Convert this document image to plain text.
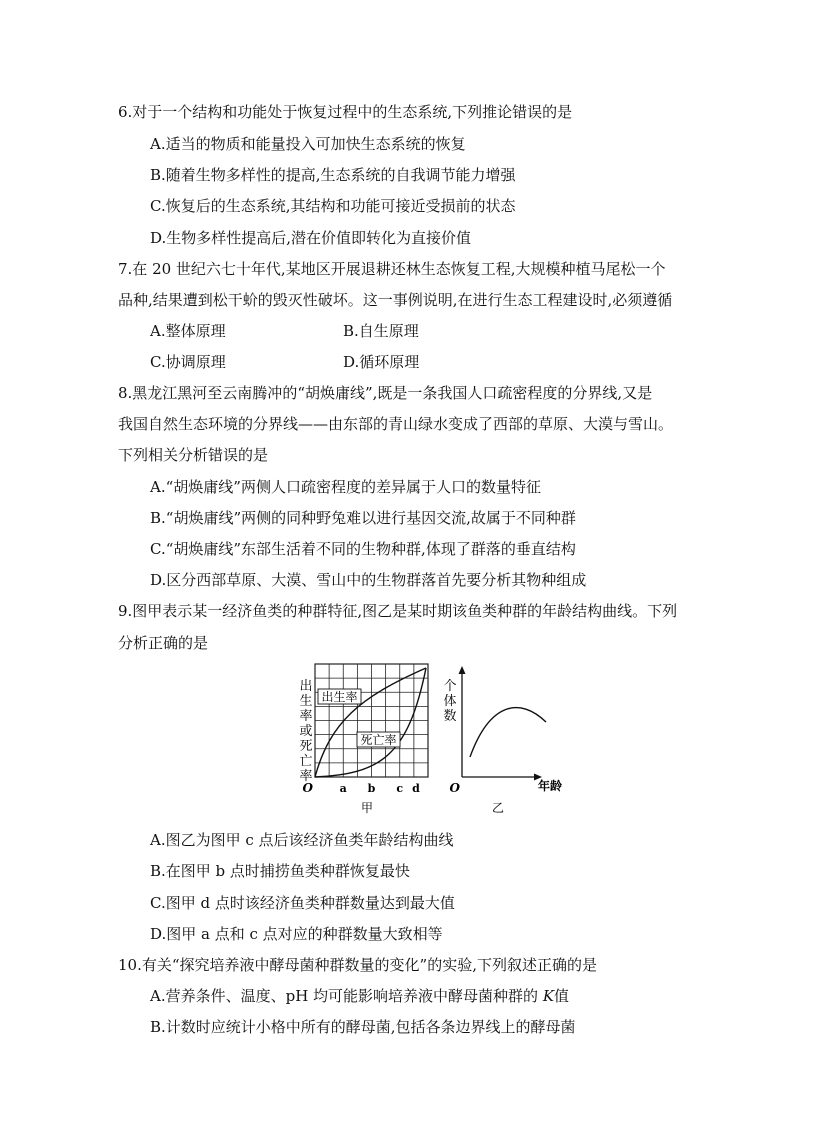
6.对于一个结构和功能处于恢复过程中的生态系统,下列推论错误的是
A.适当的物质和能量投入可加快生态系统的恢复
B.随着生物多样性的提高,生态系统的自我调节能力增强
C.恢复后的生态系统,其结构和功能可接近受损前的状态
D.生物多样性提高后,潜在价值即转化为直接价值
7.在 20 世纪六七十年代,某地区开展退耕还林生态恢复工程,大规模种植马尾松一个
品种,结果遭到松干蚧的毁灭性破坏。这一事例说明,在进行生态工程建设时,必须遵循
A.整体原理	B.自生原理
C.协调原理	D.循环原理
8.黑龙江黑河至云南腾冲的“胡焕庸线”,既是一条我国人口疏密程度的分界线,又是
我国自然生态环境的分界线——由东部的青山绿水变成了西部的草原、大漠与雪山。
下列相关分析错误的是
A.“胡焕庸线”两侧人口疏密程度的差异属于人口的数量特征
B.“胡焕庸线”两侧的同种野兔难以进行基因交流,故属于不同种群
C.“胡焕庸线”东部生活着不同的生物种群,体现了群落的垂直结构
D.区分西部草原、大漠、雪山中的生物群落首先要分析其物种组成
9.图甲表示某一经济鱼类的种群特征,图乙是某时期该鱼类种群的年龄结构曲线。下列
分析正确的是
出生率
死亡率
出
生
率
或
死
亡
率
O a b c d
甲
个
体
数
O	年龄
乙
A.图乙为图甲 c 点后该经济鱼类年龄结构曲线
B.在图甲 b 点时捕捞鱼类种群恢复最快
C.图甲 d 点时该经济鱼类种群数量达到最大值
D.图甲 a 点和 c 点对应的种群数量大致相等
10.有关“探究培养液中酵母菌种群数量的变化”的实验,下列叙述正确的是
A.营养条件、温度、pH 均可能影响培养液中酵母菌种群的 K值
B.计数时应统计小格中所有的酵母菌,包括各条边界线上的酵母菌
